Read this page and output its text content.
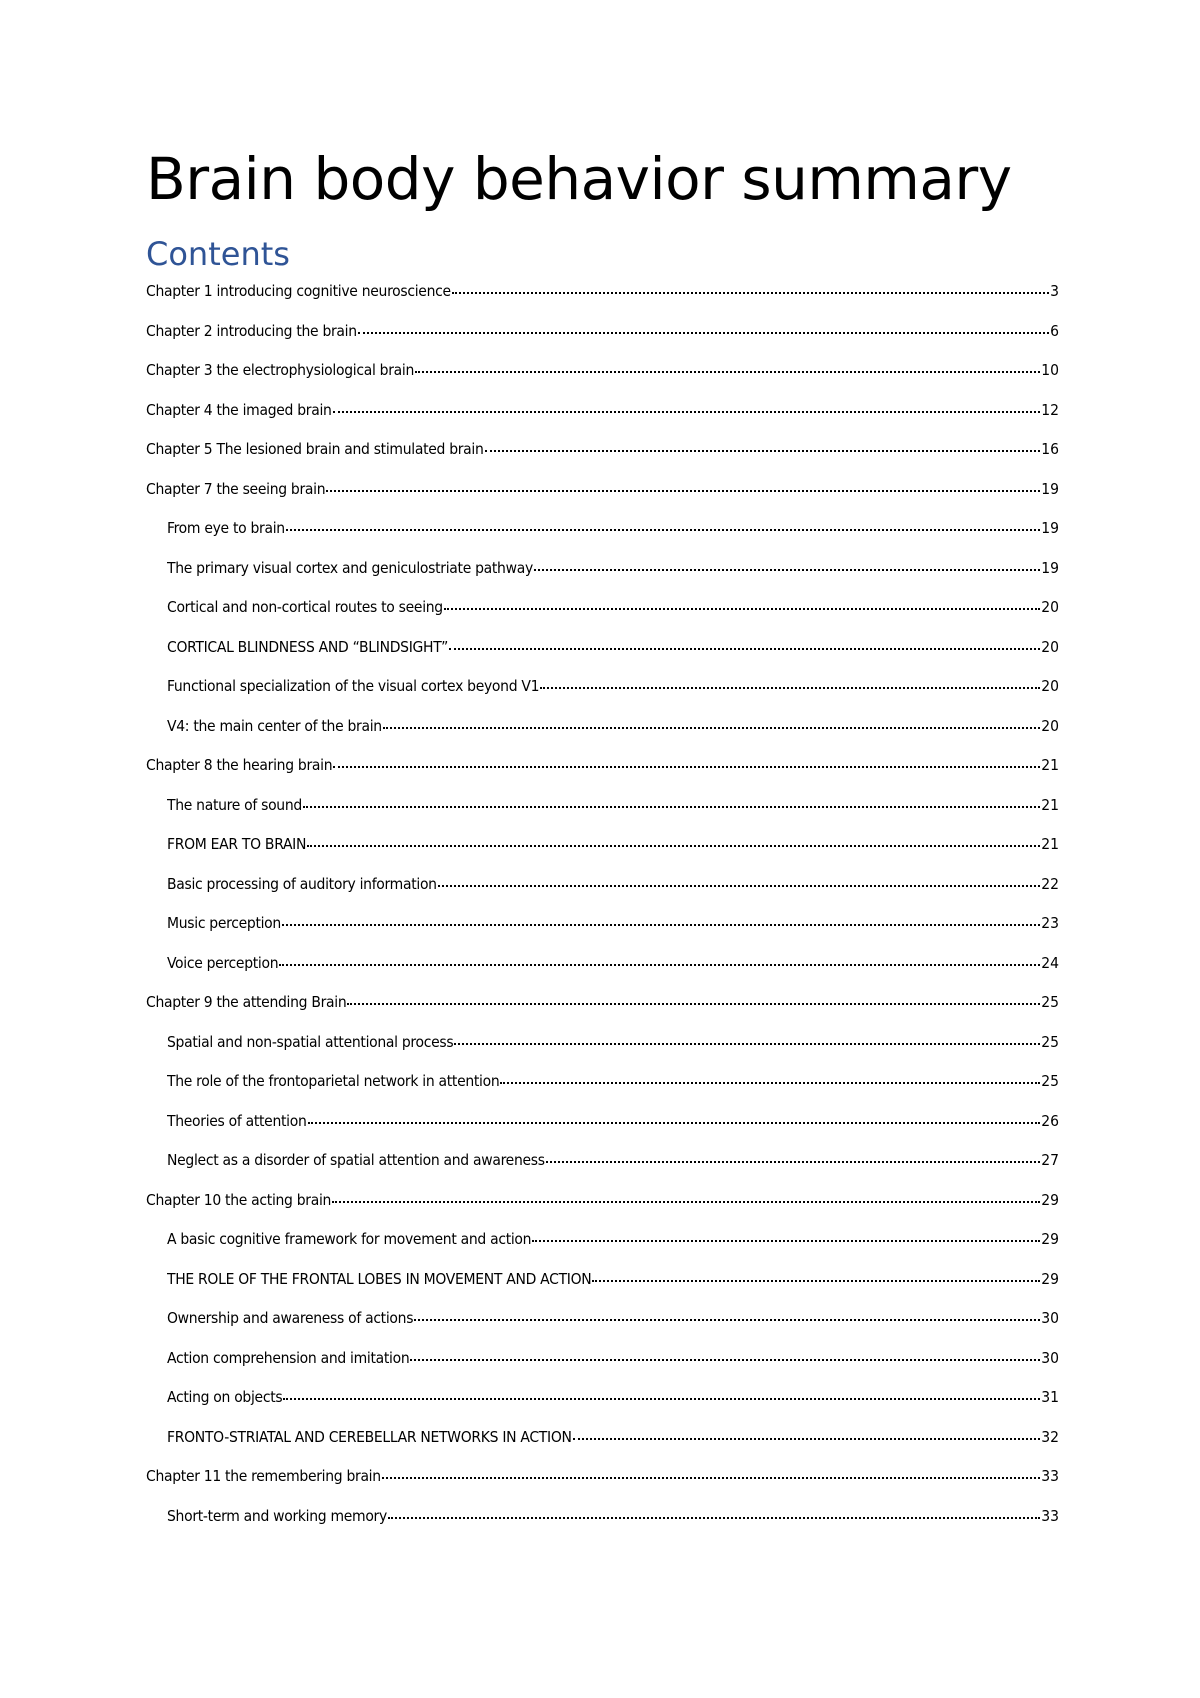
Brain body behavior summary
Contents
Chapter 1 introducing cognitive neuroscience	3
Chapter 2 introducing the brain	6
Chapter 3 the electrophysiological brain	10
Chapter 4 the imaged brain	12
Chapter 5 The lesioned brain and stimulated brain	16
Chapter 7 the seeing brain	19
From eye to brain	19
The primary visual cortex and geniculostriate pathway	19
Cortical and non-cortical routes to seeing	20
CORTICAL BLINDNESS AND “BLINDSIGHT”	20
Functional specialization of the visual cortex beyond V1	20
V4: the main center of the brain	20
Chapter 8 the hearing brain	21
The nature of sound	21
FROM EAR TO BRAIN	21
Basic processing of auditory information	22
Music perception	23
Voice perception	24
Chapter 9 the attending Brain	25
Spatial and non-spatial attentional process	25
The role of the frontoparietal network in attention	25
Theories of attention	26
Neglect as a disorder of spatial attention and awareness	27
Chapter 10 the acting brain	29
A basic cognitive framework for movement and action	29
THE ROLE OF THE FRONTAL LOBES IN MOVEMENT AND ACTION	29
Ownership and awareness of actions	30
Action comprehension and imitation	30
Acting on objects	31
FRONTO-STRIATAL AND CEREBELLAR NETWORKS IN ACTION	32
Chapter 11 the remembering brain	33
Short-term and working memory	33
